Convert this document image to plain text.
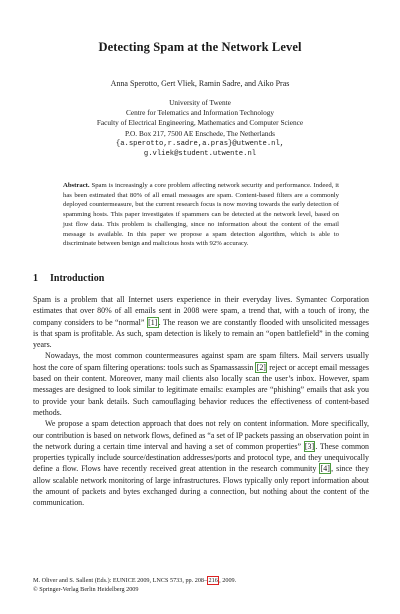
Detecting Spam at the Network Level
Anna Sperotto, Gert Vliek, Ramin Sadre, and Aiko Pras
University of Twente
Centre for Telematics and Information Technology
Faculty of Electrical Engineering, Mathematics and Computer Science
P.O. Box 217, 7500 AE Enschede, The Netherlands
{a.sperotto,r.sadre,a.pras}@utwente.nl,
g.vliek@student.utwente.nl

Abstract. Spam is increasingly a core problem affecting network security and performance. Indeed, it has been estimated that 80% of all email messages are spam. Content-based filters are a commonly deployed countermeasure, but the current research focus is now moving towards the early detection of spamming hosts. This paper investigates if spammers can be detected at the network level, based on just flow data. This problem is challenging, since no information about the content of the email message is available. In this paper we propose a spam detection algorithm, which is able to discriminate between benign and malicious hosts with 92% accuracy.

1 Introduction

Spam is a problem that all Internet users experience in their everyday lives. Symantec Corporation estimates that over 80% of all emails sent in 2008 were spam, a trend that, with a touch of irony, the company considers to be “normal” [1]. The reason we are constantly flooded with unsolicited messages is that spam is profitable. As such, spam detection is likely to remain an “open battlefield” in the coming years.

Nowadays, the most common countermeasures against spam are spam filters. Mail servers usually host the core of spam filtering operations: tools such as Spamassassin [2] reject or accept email messages based on their content. Moreover, many mail clients also locally scan the user’s inbox. However, spam messages are designed to look similar to legitimate emails: examples are “phishing” emails that ask you to provide your bank details. Such camouflaging behavior reduces the effectiveness of content-based methods.

We propose a spam detection approach that does not rely on content information. More specifically, our contribution is based on network flows, defined as “a set of IP packets passing an observation point in the network during a certain time interval and having a set of common properties” [3]. These common properties typically include source/destination addresses/ports and protocol type, and they unequivocally define a flow. Flows have recently received great attention in the research community [4], since they allow scalable network monitoring of large infrastructures. Flows typically only report information about the amount of packets and bytes exchanged during a connection, but nothing about the content of the communication.

M. Oliver and S. Sallent (Eds.): EUNICE 2009, LNCS 5733, pp. 208–216, 2009.
© Springer-Verlag Berlin Heidelberg 2009
